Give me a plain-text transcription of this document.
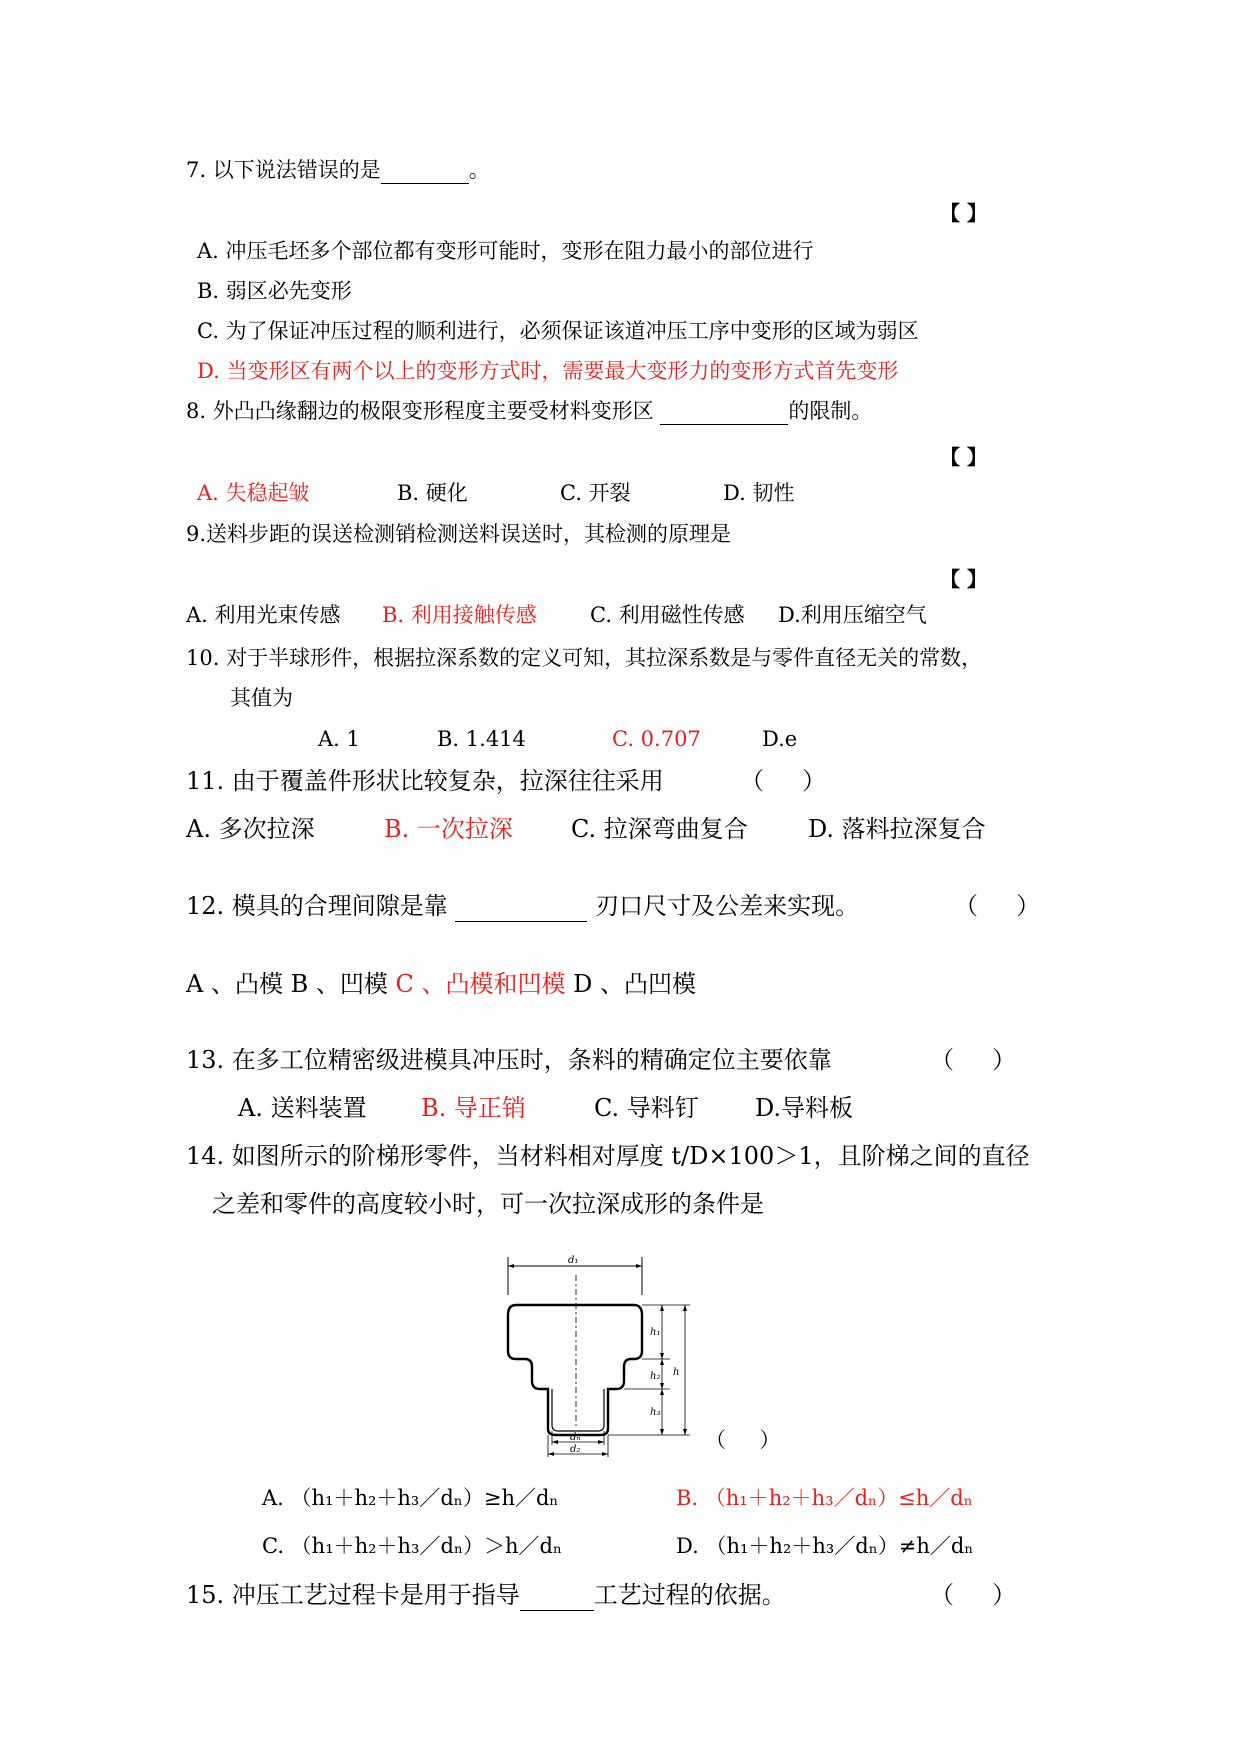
7. 以下说法错误的是	。
【 】
A. 冲压毛坯多个部位都有变形可能时，变形在阻力最小的部位进行
B. 弱区必先变形
C. 为了保证冲压过程的顺利进行，必须保证该道冲压工序中变形的区域为弱区
D. 当变形区有两个以上的变形方式时，需要最大变形力的变形方式首先变形
8. 外凸凸缘翻边的极限变形程度主要受材料变形区	的限制。
【 】
A. 失稳起皱	B. 硬化	C. 开裂	D. 韧性
9.送料步距的误送检测销检测送料误送时，其检测的原理是
【 】
A. 利用光束传感 B. 利用接触传感	C. 利用磁性传感 D.利用压缩空气
10. 对于半球形件，根据拉深系数的定义可知，其拉深系数是与零件直径无关的常数，
其值为
A. 1	B. 1.414	C. 0.707	D.e
11. 由于覆盖件形状比较复杂，拉深往往采用	（     ）
A. 多次拉深	B. 一次拉深 C. 拉深弯曲复合	D. 落料拉深复合
12. 模具的合理间隙是靠	刃口尺寸及公差来实现。	（     ）
A 、凸模 B 、凹模 C 、凸模和凹模 D 、凸凹模
13. 在多工位精密级进模具冲压时，条料的精确定位主要依靠	（     ）
A. 送料装置 B. 导正销	C. 导料钉 D.导料板
14. 如图所示的阶梯形零件，当材料相对厚度 t/D×100＞1，且阶梯之间的直径
之差和零件的高度较小时，可一次拉深成形的条件是
d₁
h₁
h₂
h₃
h
dₙ
d₂	（     ）
A. （h₁＋h₂＋h₃／dₙ）≥h／dₙ	B. （h₁＋h₂＋h₃／dₙ）≤h／dₙ
C. （h₁＋h₂＋h₃／dₙ）＞h／dₙ	D. （h₁＋h₂＋h₃／dₙ）≠h／dₙ
15. 冲压工艺过程卡是用于指导	工艺过程的依据。	（     ）
